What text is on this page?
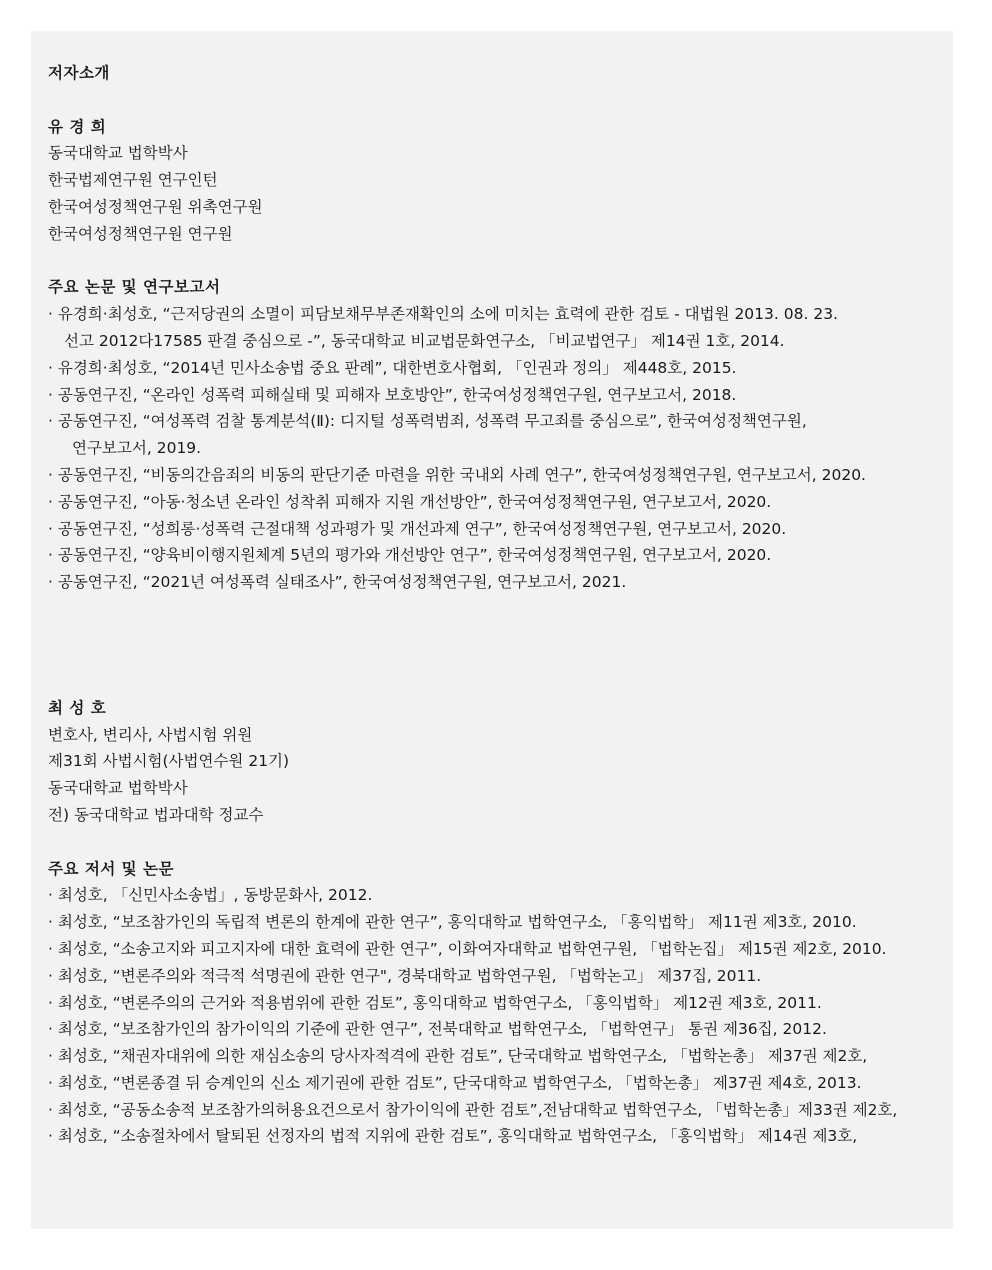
저자소개
유 경 희
동국대학교 법학박사
한국법제연구원 연구인턴
한국여성정책연구원 위촉연구원
한국여성정책연구원 연구원
주요 논문 및 연구보고서
· 유경희·최성호, “근저당권의 소멸이 피담보채무부존재확인의 소에 미치는 효력에 관한 검토 - 대법원 2013. 08. 23.
선고 2012다17585 판결 중심으로 -”, 동국대학교 비교법문화연구소, 「비교법연구」 제14권 1호, 2014.
· 유경희·최성호, “2014년 민사소송법 중요 판례”, 대한변호사협회, 「인권과 정의」 제448호, 2015.
· 공동연구진, “온라인 성폭력 피해실태 및 피해자 보호방안”, 한국여성정책연구원, 연구보고서, 2018.
· 공동연구진, “여성폭력 검찰 통계분석(Ⅱ): 디지털 성폭력범죄, 성폭력 무고죄를 중심으로”, 한국여성정책연구원,
연구보고서, 2019.
· 공동연구진, “비동의간음죄의 비동의 판단기준 마련을 위한 국내외 사례 연구”, 한국여성정책연구원, 연구보고서, 2020.
· 공동연구진, “아동·청소년 온라인 성착취 피해자 지원 개선방안”, 한국여성정책연구원, 연구보고서, 2020.
· 공동연구진, “성희롱·성폭력 근절대책 성과평가 및 개선과제 연구”, 한국여성정책연구원, 연구보고서, 2020.
· 공동연구진, “양육비이행지원체계 5년의 평가와 개선방안 연구”, 한국여성정책연구원, 연구보고서, 2020.
· 공동연구진, “2021년 여성폭력 실태조사”, 한국여성정책연구원, 연구보고서, 2021.
최 성 호
변호사, 변리사, 사법시험 위원
제31회 사법시험(사법연수원 21기)
동국대학교 법학박사
전) 동국대학교 법과대학 정교수
주요 저서 및 논문
· 최성호, 「신민사소송법」, 동방문화사, 2012.
· 최성호, “보조참가인의 독립적 변론의 한계에 관한 연구”, 홍익대학교 법학연구소, 「홍익법학」 제11권 제3호, 2010.
· 최성호, “소송고지와 피고지자에 대한 효력에 관한 연구”, 이화여자대학교 법학연구원, 「법학논집」 제15권 제2호, 2010.
· 최성호, “변론주의와 적극적 석명권에 관한 연구", 경북대학교 법학연구원, 「법학논고」 제37집, 2011.
· 최성호, “변론주의의 근거와 적용범위에 관한 검토”, 홍익대학교 법학연구소, 「홍익법학」 제12권 제3호, 2011.
· 최성호, “보조참가인의 참가이익의 기준에 관한 연구”, 전북대학교 법학연구소, 「법학연구」 통권 제36집, 2012.
· 최성호, “채권자대위에 의한 재심소송의 당사자적격에 관한 검토”, 단국대학교 법학연구소, 「법학논총」 제37권 제2호,
· 최성호, “변론종결 뒤 승계인의 신소 제기권에 관한 검토”, 단국대학교 법학연구소, 「법학논총」 제37권 제4호, 2013.
· 최성호, “공동소송적 보조참가의허용요건으로서 참가이익에 관한 검토”,전남대학교 법학연구소, 「법학논총」제33권 제2호,
· 최성호, “소송절차에서 탈퇴된 선정자의 법적 지위에 관한 검토”, 홍익대학교 법학연구소, 「홍익법학」 제14권 제3호,
